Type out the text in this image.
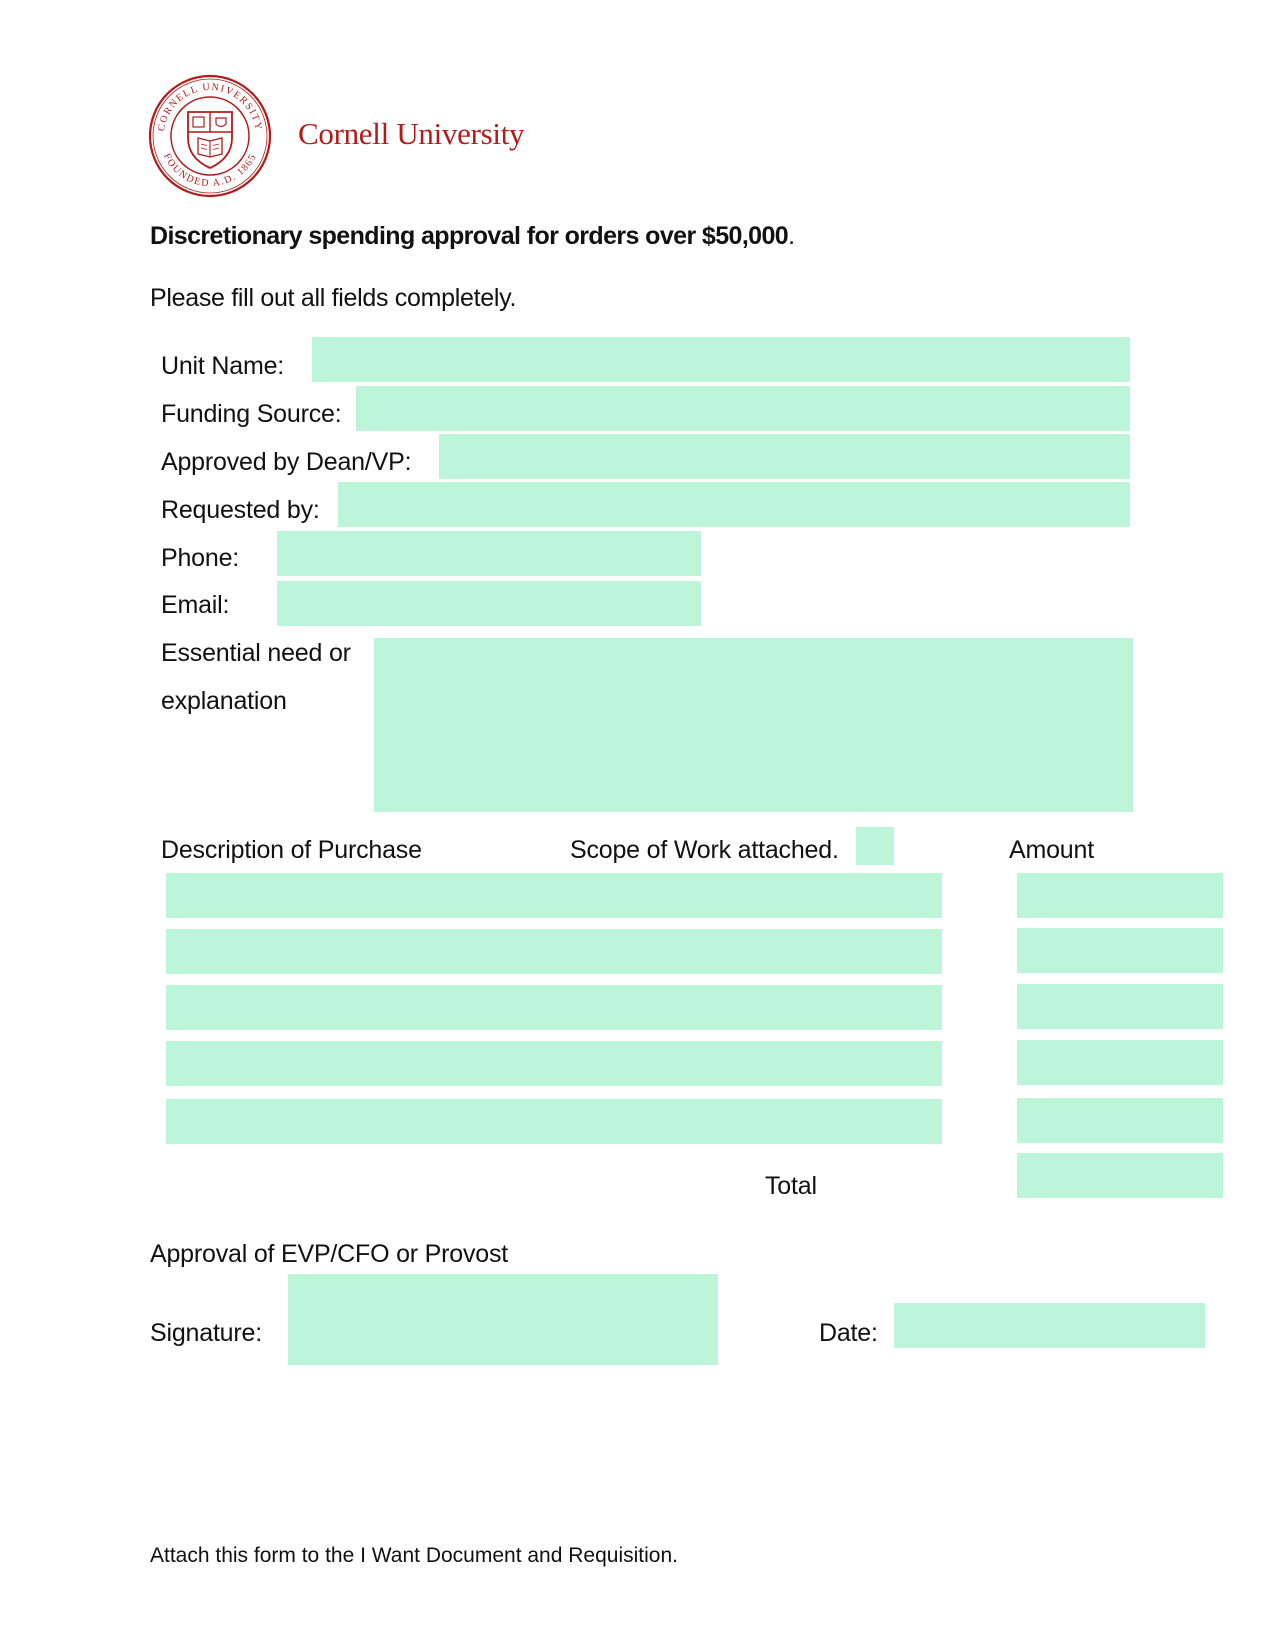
CORNELL UNIVERSITY
FOUNDED A.D. 1865
Cornell University
Discretionary spending approval for orders over $50,000.
Please fill out all fields completely.
Unit Name:
Funding Source:
Approved by Dean/VP:
Requested by:
Phone:
Email:
Essential need or
explanation
Description of Purchase	Scope of Work attached.	Amount
Total
Approval of EVP/CFO or Provost
Signature:	Date:
Attach this form to the I Want Document and Requisition.
